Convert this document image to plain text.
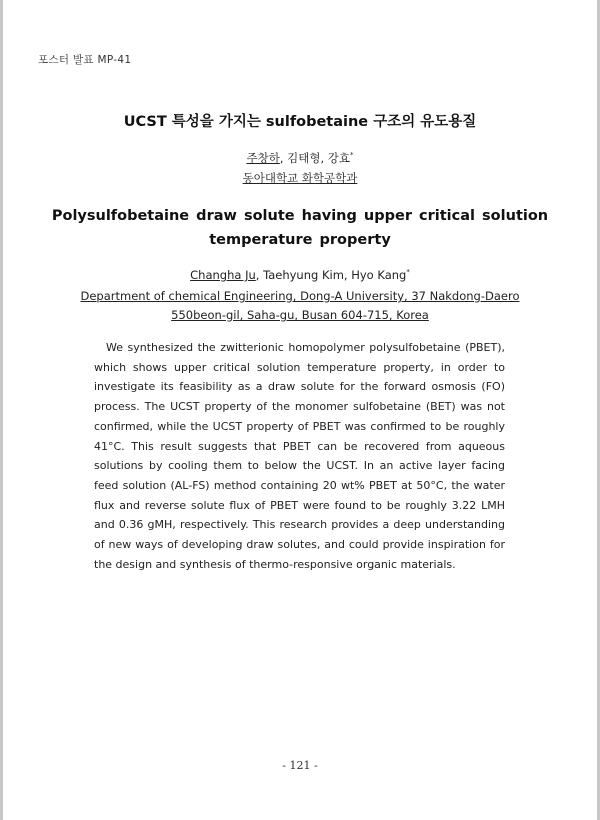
포스터 발표 MP-41
UCST 특성을 가지는 sulfobetaine 구조의 유도용질
주창하, 김태형, 강효*
동아대학교 화학공학과
Polysulfobetaine draw solute having upper critical solution temperature property
Changha Ju, Taehyung Kim, Hyo Kang*
Department of chemical Engineering, Dong-A University, 37 Nakdong-Daero 550beon-gil, Saha-gu, Busan 604-715, Korea
We synthesized the zwitterionic homopolymer polysulfobetaine (PBET), which shows upper critical solution temperature property, in order to investigate its feasibility as a draw solute for the forward osmosis (FO) process. The UCST property of the monomer sulfobetaine (BET) was not confirmed, while the UCST property of PBET was confirmed to be roughly 41°C. This result suggests that PBET can be recovered from aqueous solutions by cooling them to below the UCST. In an active layer facing feed solution (AL-FS) method containing 20 wt% PBET at 50°C, the water flux and reverse solute flux of PBET were found to be roughly 3.22 LMH and 0.36 gMH, respectively. This research provides a deep understanding of new ways of developing draw solutes, and could provide inspiration for the design and synthesis of thermo-responsive organic materials.
- 121 -
